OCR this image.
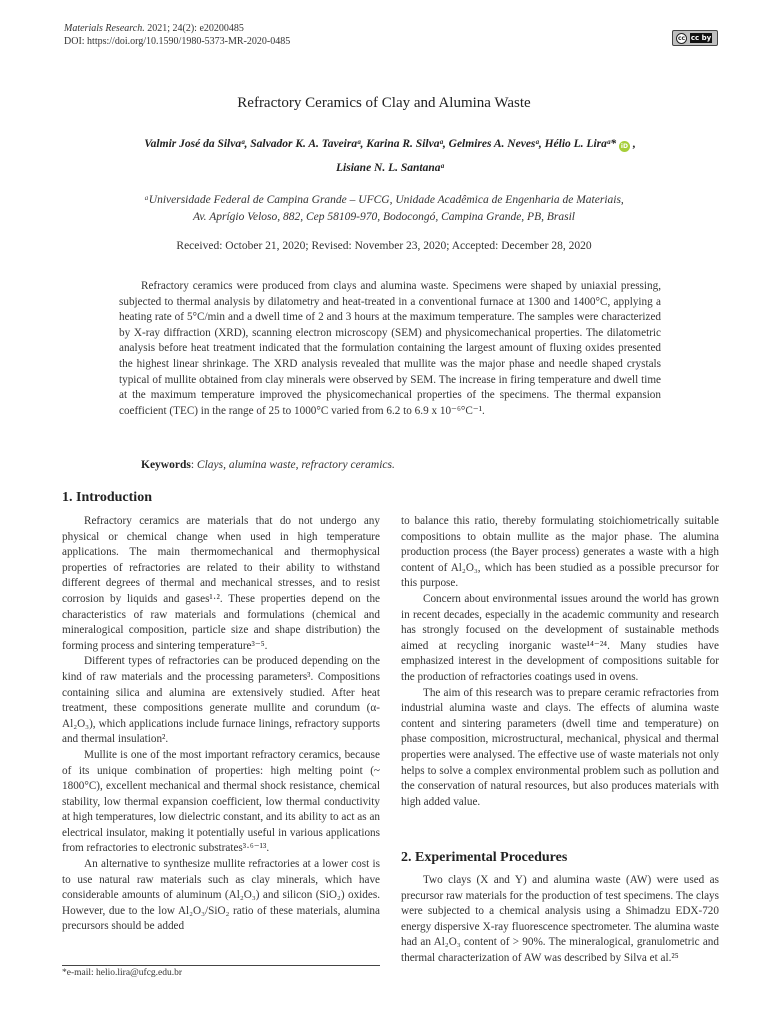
Materials Research. 2021; 24(2): e20200485
DOI: https://doi.org/10.1590/1980-5373-MR-2020-0485	cc cc by
Refractory Ceramics of Clay and Alumina Waste
Valmir José da Silvaᵃ, Salvador K. A. Taveiraᵃ, Karina R. Silvaᵃ, Gelmires A. Nevesᵃ, Hélio L. Liraᵃ* iD ,
Lisiane N. L. Santanaᵃ
ᵃUniversidade Federal de Campina Grande – UFCG, Unidade Acadêmica de Engenharia de Materiais,
Av. Aprígio Veloso, 882, Cep 58109-970, Bodocongó, Campina Grande, PB, Brasil
Received: October 21, 2020; Revised: November 23, 2020; Accepted: December 28, 2020

Refractory ceramics were produced from clays and alumina waste. Specimens were shaped by uniaxial pressing, subjected to thermal analysis by dilatometry and heat-treated in a conventional furnace at 1300 and 1400°C, applying a heating rate of 5°C/min and a dwell time of 2 and 3 hours at the maximum temperature. The samples were characterized by X-ray diffraction (XRD), scanning electron microscopy (SEM) and physicomechanical properties. The dilatometric analysis before heat treatment indicated that the formulation containing the largest amount of fluxing oxides presented the highest linear shrinkage. The XRD analysis revealed that mullite was the major phase and needle shaped crystals typical of mullite obtained from clay minerals were observed by SEM. The increase in firing temperature and dwell time at the maximum temperature improved the physicomechanical properties of the specimens. The thermal expansion coefficient (TEC) in the range of 25 to 1000°C varied from 6.2 to 6.9 x 10⁻⁶°C⁻¹.

Keywords: Clays, alumina waste, refractory ceramics.
1. Introduction

Refractory ceramics are materials that do not undergo any physical or chemical change when used in high temperature applications. The main thermomechanical and thermophysical properties of refractories are related to their ability to withstand different degrees of thermal and mechanical stresses, and to resist corrosion by liquids and gases¹·². These properties depend on the characteristics of raw materials and formulations (chemical and mineralogical composition, particle size and shape distribution) the forming process and sintering temperature³⁻⁵.

Different types of refractories can be produced depending on the kind of raw materials and the processing parameters³. Compositions containing silica and alumina are extensively studied. After heat treatment, these compositions generate mullite and corundum (α-Al₂O₃), which applications include furnace linings, refractory supports and thermal insulation².

Mullite is one of the most important refractory ceramics, because of its unique combination of properties: high melting point (~ 1800°C), excellent mechanical and thermal shock resistance, chemical stability, low thermal expansion coefficient, low thermal conductivity at high temperatures, low dielectric constant, and its ability to act as an electrical insulator, making it potentially useful in various applications from refractories to electronic substrates³·⁶⁻¹³.

An alternative to synthesize mullite refractories at a lower cost is to use natural raw materials such as clay minerals, which have considerable amounts of aluminum (Al₂O₃) and silicon (SiO₂) oxides. However, due to the low Al₂O₃/SiO₂ ratio of these materials, alumina precursors should be added

to balance this ratio, thereby formulating stoichiometrically suitable compositions to obtain mullite as the major phase. The alumina production process (the Bayer process) generates a waste with a high content of Al₂O₃, which has been studied as a possible precursor for this purpose.

Concern about environmental issues around the world has grown in recent decades, especially in the academic community and research has strongly focused on the development of sustainable methods aimed at recycling inorganic waste¹⁴⁻²⁴. Many studies have emphasized interest in the development of compositions suitable for the production of refractories coatings used in ovens.

The aim of this research was to prepare ceramic refractories from industrial alumina waste and clays. The effects of alumina waste content and sintering parameters (dwell time and temperature) on phase composition, microstructural, mechanical, physical and thermal properties were analysed. The effective use of waste materials not only helps to solve a complex environmental problem such as pollution and the conservation of natural resources, but also produces materials with high added value.

2. Experimental Procedures

Two clays (X and Y) and alumina waste (AW) were used as precursor raw materials for the production of test specimens. The clays were subjected to a chemical analysis using a Shimadzu EDX-720 energy dispersive X-ray fluorescence spectrometer. The alumina waste had an Al₂O₃ content of > 90%. The mineralogical, granulometric and thermal characterization of AW was described by Silva et al.²⁵

*e-mail: helio.lira@ufcg.edu.br
